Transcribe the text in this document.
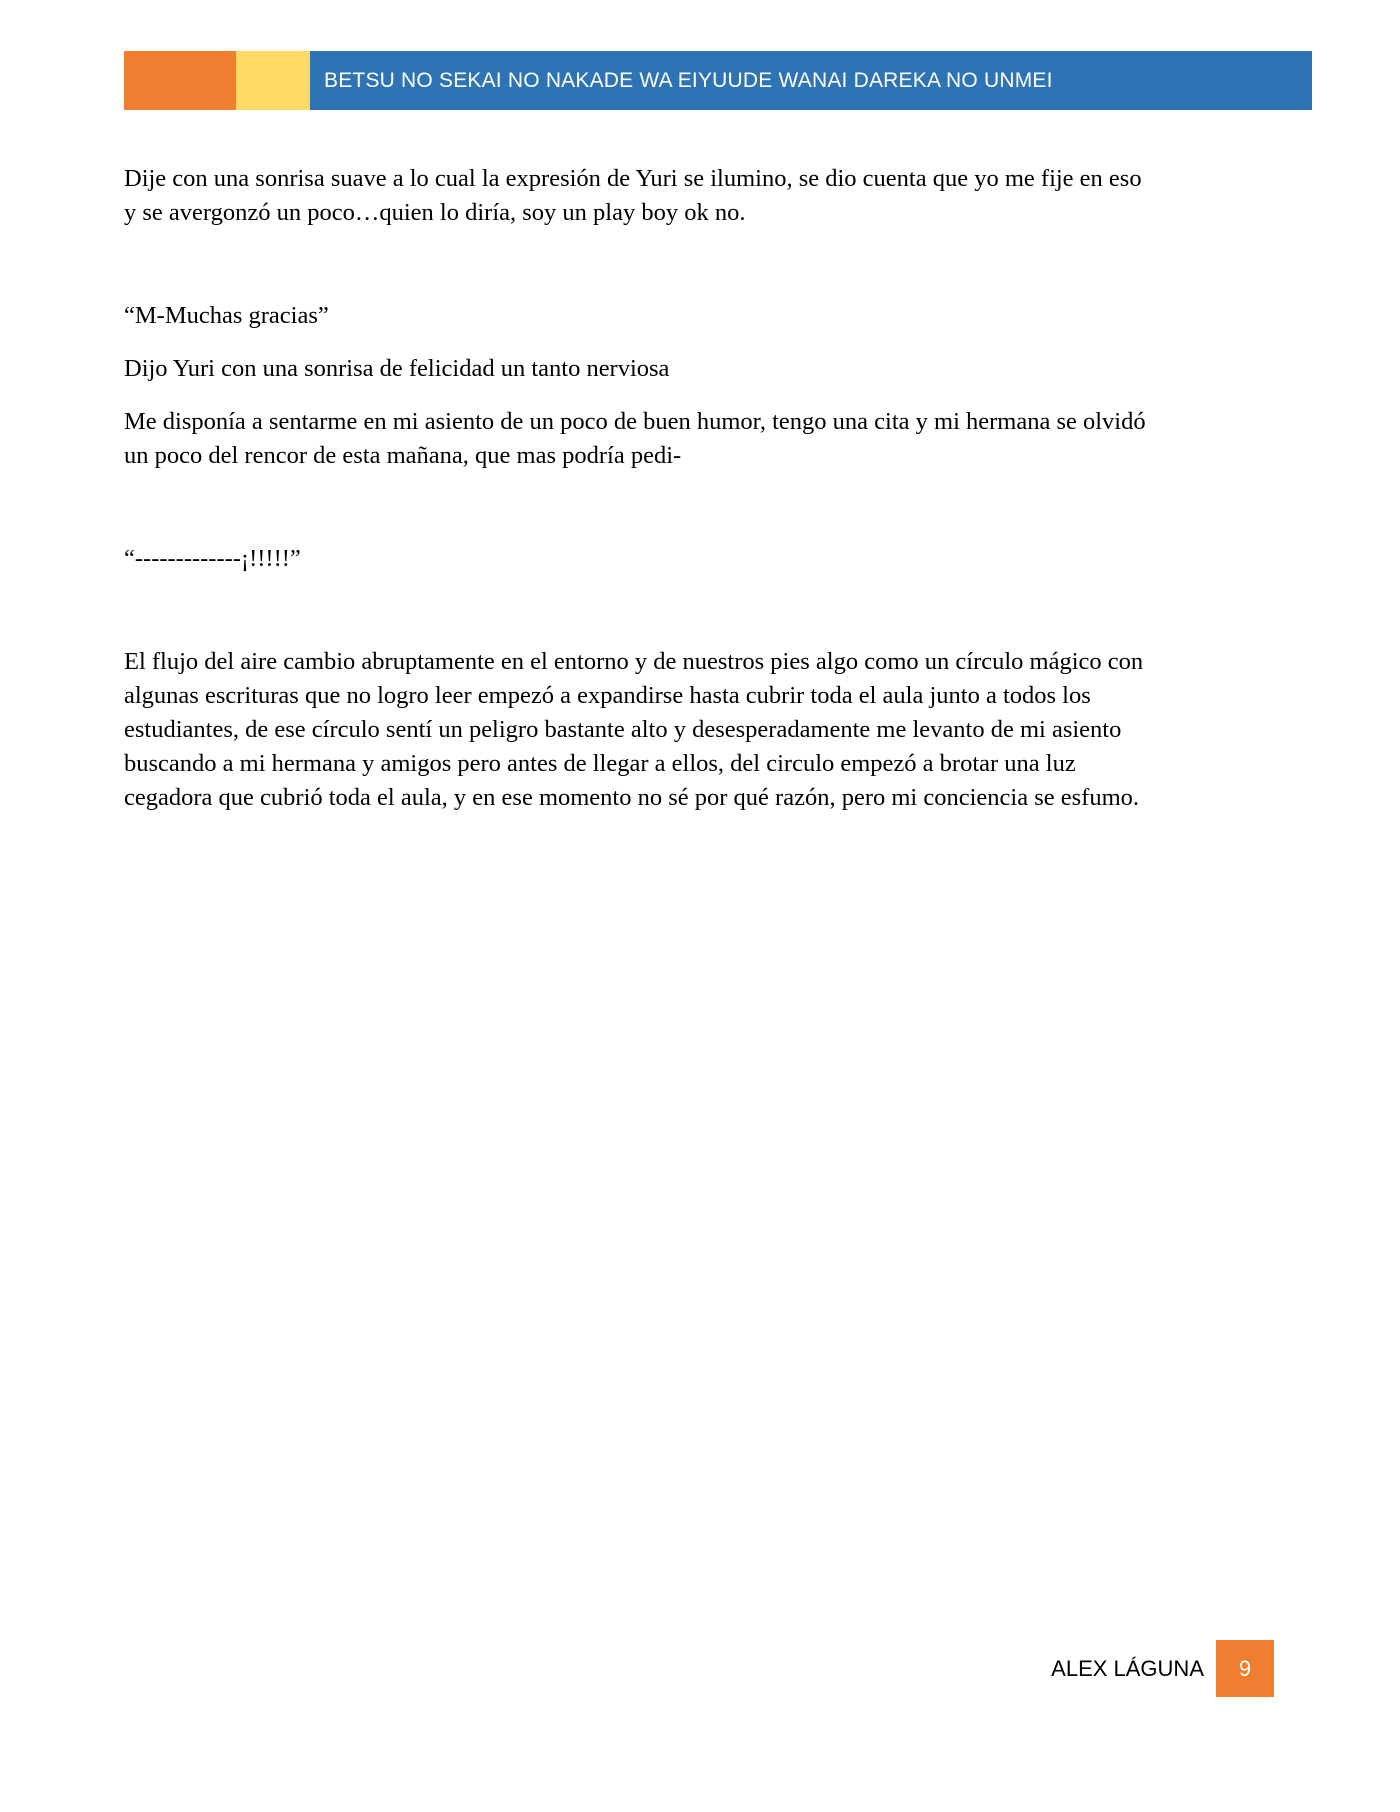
BETSU NO SEKAI NO NAKADE WA EIYUUDE WANAI DAREKA NO UNMEI

Dije con una sonrisa suave a lo cual la expresión de Yuri se ilumino, se dio cuenta que yo me fije en eso
y se avergonzó un poco…quien lo diría, soy un play boy ok no.

“M-Muchas gracias”

Dijo Yuri con una sonrisa de felicidad un tanto nerviosa

Me disponía a sentarme en mi asiento de un poco de buen humor, tengo una cita y mi hermana se olvidó
un poco del rencor de esta mañana, que mas podría pedi-

“-------------¡!!!!!”

El flujo del aire cambio abruptamente en el entorno y de nuestros pies algo como un círculo mágico con
algunas escrituras que no logro leer empezó a expandirse hasta cubrir toda el aula junto a todos los
estudiantes, de ese círculo sentí un peligro bastante alto y desesperadamente me levanto de mi asiento
buscando a mi hermana y amigos pero antes de llegar a ellos, del circulo empezó a brotar una luz
cegadora que cubrió toda el aula, y en ese momento no sé por qué razón, pero mi conciencia se esfumo.

ALEX LÁGUNA 9
